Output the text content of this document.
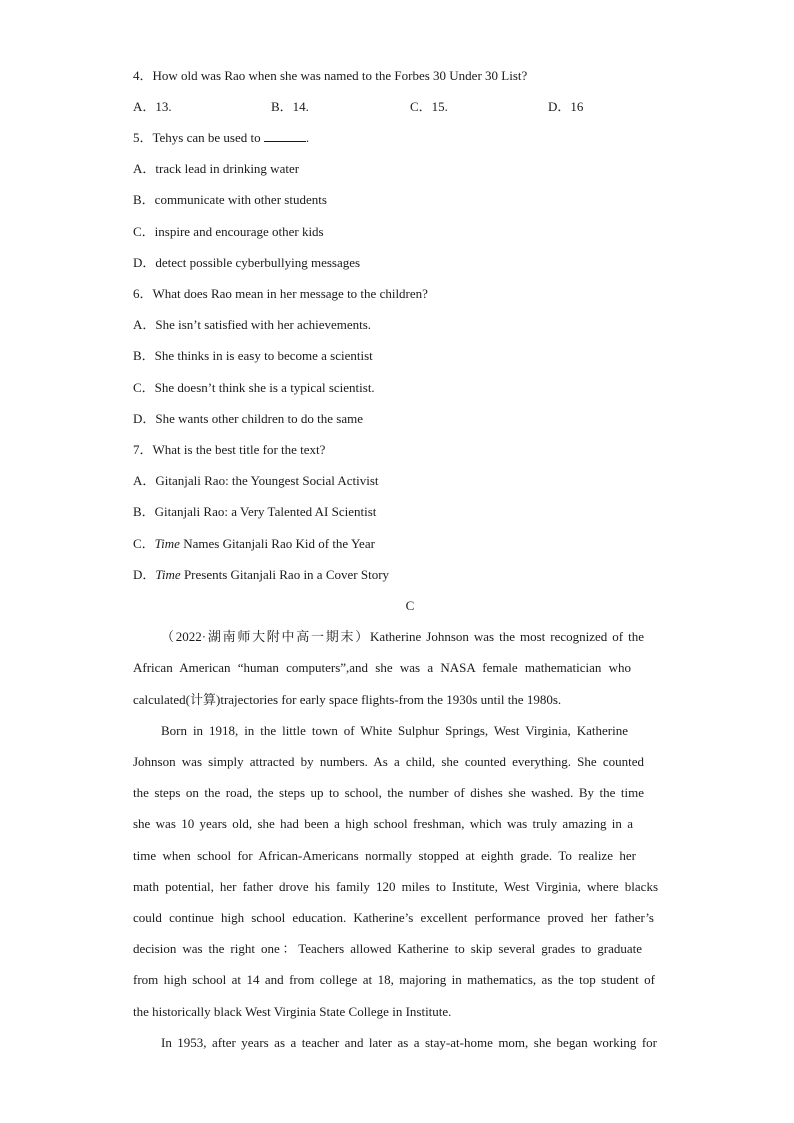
4．How old was Rao when she was named to the Forbes 30 Under 30 List?
A．13.	B．14.	C．15.	D．16
5．Tehys can be used to	.
A．track lead in drinking water
B．communicate with other students
C．inspire and encourage other kids
D．detect possible cyberbullying messages
6．What does Rao mean in her message to the children?
A．She isn’t satisfied with her achievements.
B．She thinks in is easy to become a scientist
C．She doesn’t think she is a typical scientist.
D．She wants other children to do the same
7．What is the best title for the text?
A．Gitanjali Rao: the Youngest Social Activist
B．Gitanjali Rao: a Very Talented AI Scientist
C．Time Names Gitanjali Rao Kid of the Year
D．Time Presents Gitanjali Rao in a Cover Story
C
（2022·湖南师大附中高一期末）Katherine Johnson was the most recognized of the
African American “human computers”,and she was a NASA female mathematician who
calculated(计算)trajectories for early space flights-from the 1930s until the 1980s.
Born in 1918, in the little town of White Sulphur Springs, West Virginia, Katherine
Johnson was simply attracted by numbers. As a child, she counted everything. She counted
the steps on the road, the steps up to school, the number of dishes she washed. By the time
she was 10 years old, she had been a high school freshman, which was truly amazing in a
time when school for African-Americans normally stopped at eighth grade. To realize her
math potential, her father drove his family 120 miles to Institute, West Virginia, where blacks
could continue high school education. Katherine’s excellent performance proved her father’s
decision was the right one：Teachers allowed Katherine to skip several grades to graduate
from high school at 14 and from college at 18, majoring in mathematics, as the top student of
the historically black West Virginia State College in Institute.
In 1953, after years as a teacher and later as a stay-at-home mom, she began working for
